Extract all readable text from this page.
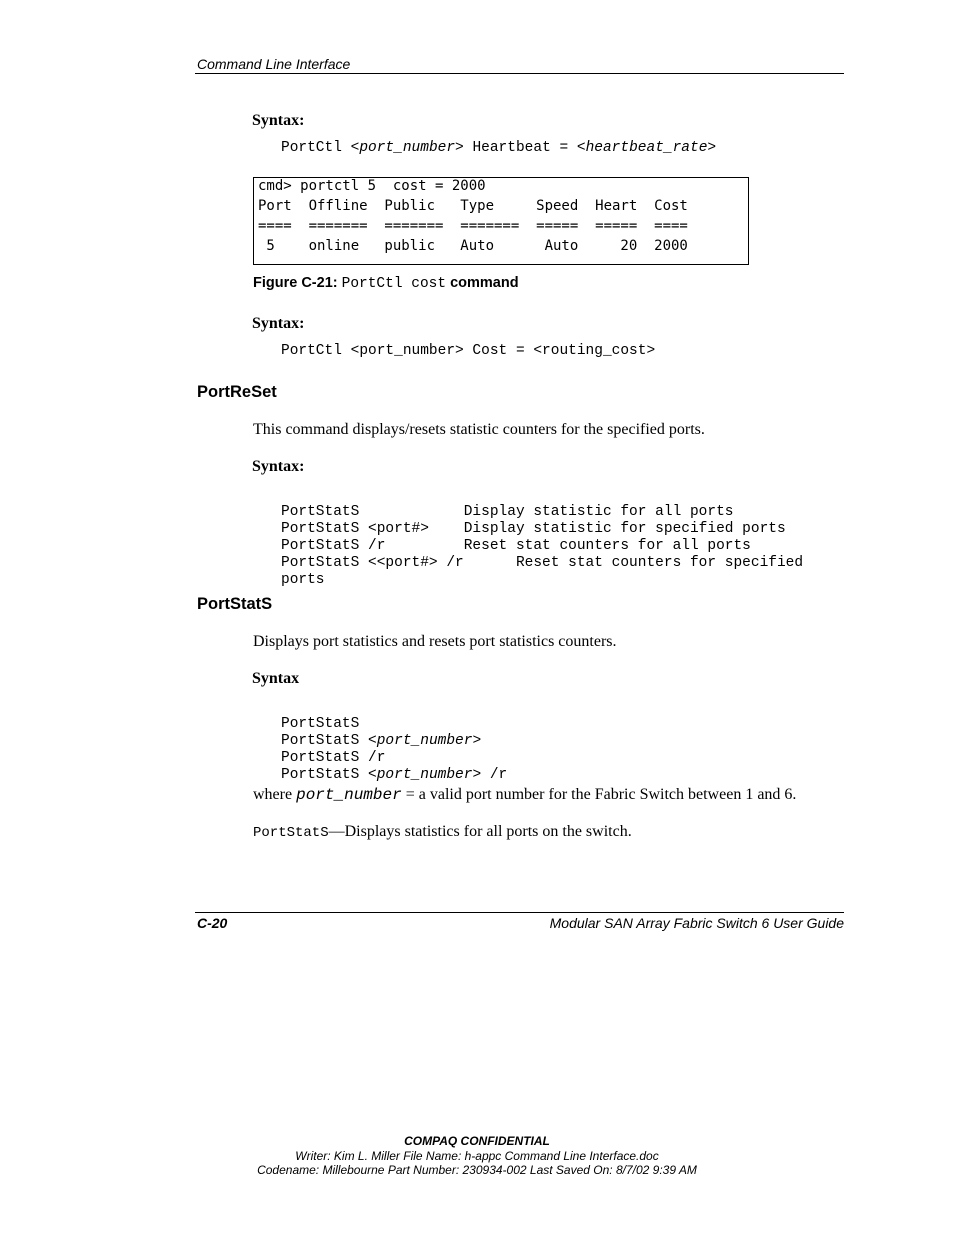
Command Line Interface
Syntax:
PortCtl <port_number> Heartbeat = <heartbeat_rate>
cmd> portctl 5  cost = 2000
Port  Offline  Public   Type     Speed  Heart  Cost
====  =======  =======  =======  =====  =====  ====
5    online   public   Auto      Auto     20  2000
Figure C-21: PortCtl cost command
Syntax:
PortCtl <port_number> Cost = <routing_cost>
PortReSet
This command displays/resets statistic counters for the specified ports.
Syntax:

PortStatS            Display statistic for all ports
PortStatS <port#>    Display statistic for specified ports
PortStatS /r         Reset stat counters for all ports
PortStatS <<port#> /r      Reset stat counters for specified
ports

PortStatS
Displays port statistics and resets port statistics counters.
Syntax

PortStatS
PortStatS <port_number>
PortStatS /r
PortStatS <port_number> /r

where port_number = a valid port number for the Fabric Switch between 1 and 6.
PortStatS—Displays statistics for all ports on the switch.
C-20	Modular SAN Array Fabric Switch 6 User Guide
COMPAQ CONFIDENTIAL
Writer: Kim L. Miller File Name: h-appc Command Line Interface.doc
Codename: Millebourne Part Number: 230934-002 Last Saved On: 8/7/02 9:39 AM
